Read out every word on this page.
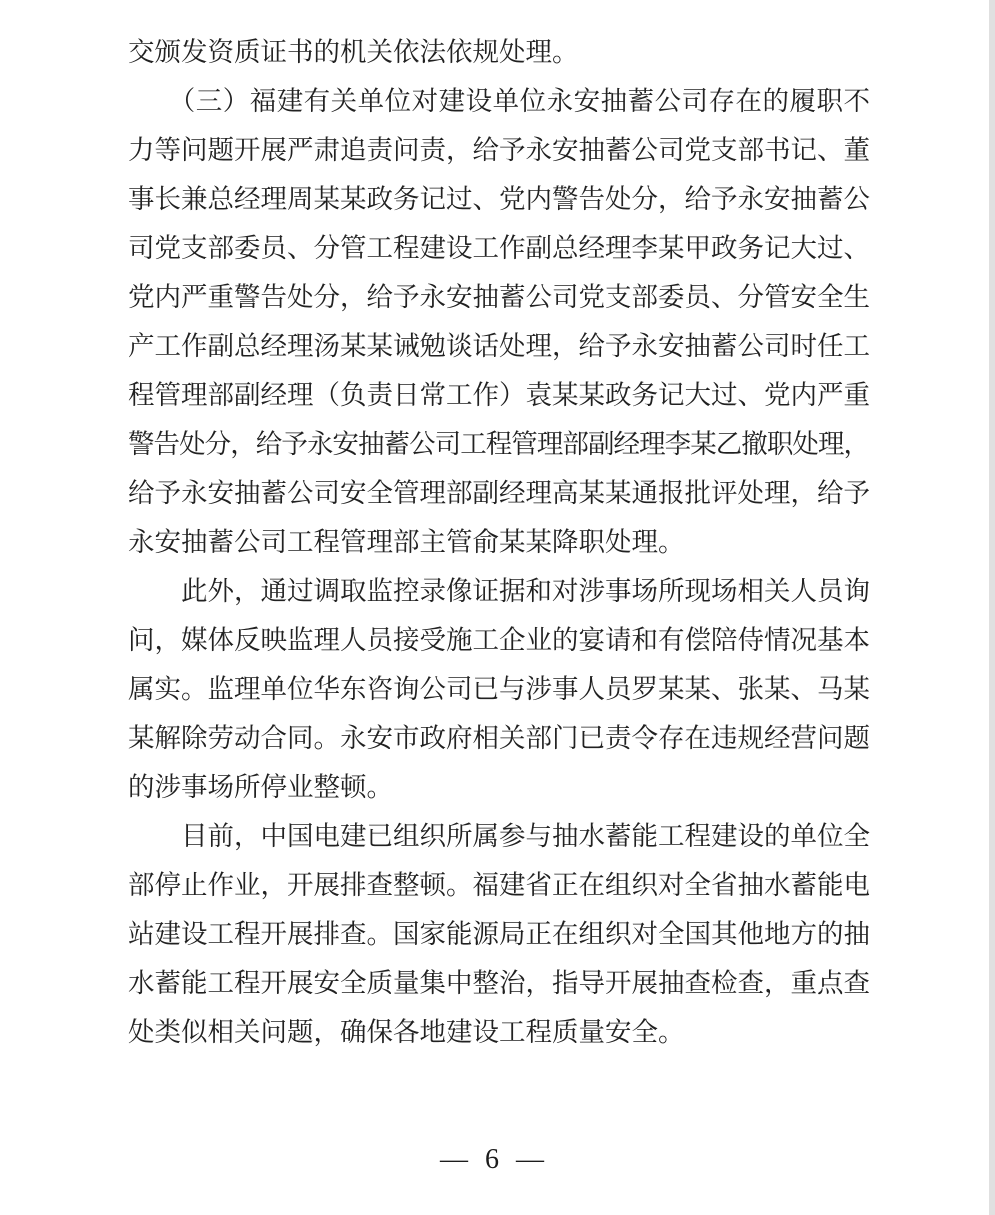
交颁发资质证书的机关依法依规处理。
　　（三）福建有关单位对建设单位永安抽蓄公司存在的履职不
力等问题开展严肃追责问责，给予永安抽蓄公司党支部书记、董
事长兼总经理周某某政务记过、党内警告处分，给予永安抽蓄公
司党支部委员、分管工程建设工作副总经理李某甲政务记大过、
党内严重警告处分，给予永安抽蓄公司党支部委员、分管安全生
产工作副总经理汤某某诫勉谈话处理，给予永安抽蓄公司时任工
程管理部副经理（负责日常工作）袁某某政务记大过、党内严重
警告处分，给予永安抽蓄公司工程管理部副经理李某乙撤职处理，
给予永安抽蓄公司安全管理部副经理高某某通报批评处理，给予
永安抽蓄公司工程管理部主管俞某某降职处理。
　　此外，通过调取监控录像证据和对涉事场所现场相关人员询
问，媒体反映监理人员接受施工企业的宴请和有偿陪侍情况基本
属实。监理单位华东咨询公司已与涉事人员罗某某、张某、马某
某解除劳动合同。永安市政府相关部门已责令存在违规经营问题
的涉事场所停业整顿。
　　目前，中国电建已组织所属参与抽水蓄能工程建设的单位全
部停止作业，开展排查整顿。福建省正在组织对全省抽水蓄能电
站建设工程开展排查。国家能源局正在组织对全国其他地方的抽
水蓄能工程开展安全质量集中整治，指导开展抽查检查，重点查
处类似相关问题，确保各地建设工程质量安全。
— 6 —
